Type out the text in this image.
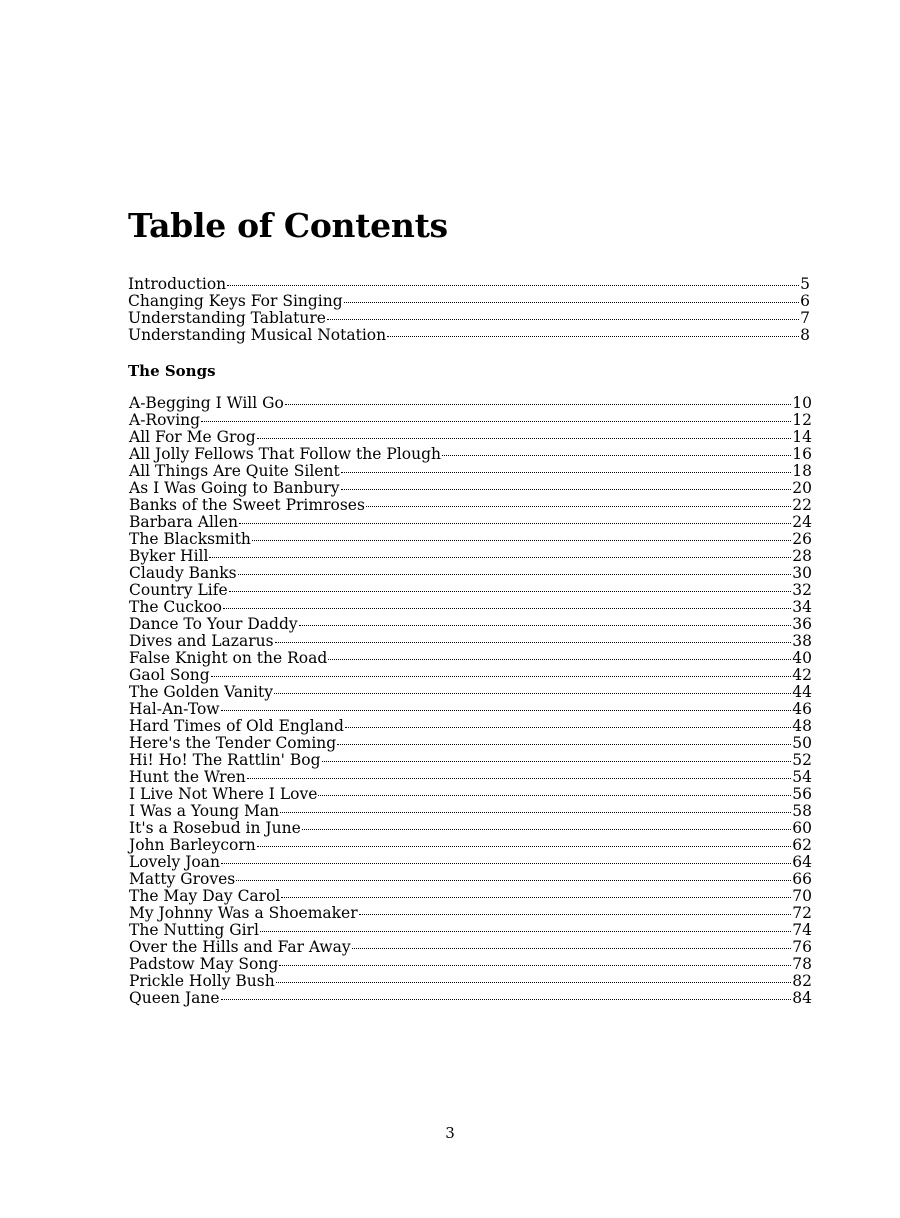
Table of Contents
Introduction	5
Changing Keys For Singing	6
Understanding Tablature	7
Understanding Musical Notation	8
The Songs
A-Begging I Will Go	10
A-Roving	12
All For Me Grog	14
All Jolly Fellows That Follow the Plough	16
All Things Are Quite Silent	18
As I Was Going to Banbury	20
Banks of the Sweet Primroses	22
Barbara Allen	24
The Blacksmith	26
Byker Hill	28
Claudy Banks	30
Country Life	32
The Cuckoo	34
Dance To Your Daddy	36
Dives and Lazarus	38
False Knight on the Road	40
Gaol Song	42
The Golden Vanity	44
Hal-An-Tow	46
Hard Times of Old England	48
Here's the Tender Coming	50
Hi! Ho! The Rattlin' Bog	52
Hunt the Wren	54
I Live Not Where I Love	56
I Was a Young Man	58
It's a Rosebud in June	60
John Barleycorn	62
Lovely Joan	64
Matty Groves	66
The May Day Carol	70
My Johnny Was a Shoemaker	72
The Nutting Girl	74
Over the Hills and Far Away	76
Padstow May Song	78
Prickle Holly Bush	82
Queen Jane	84
3
